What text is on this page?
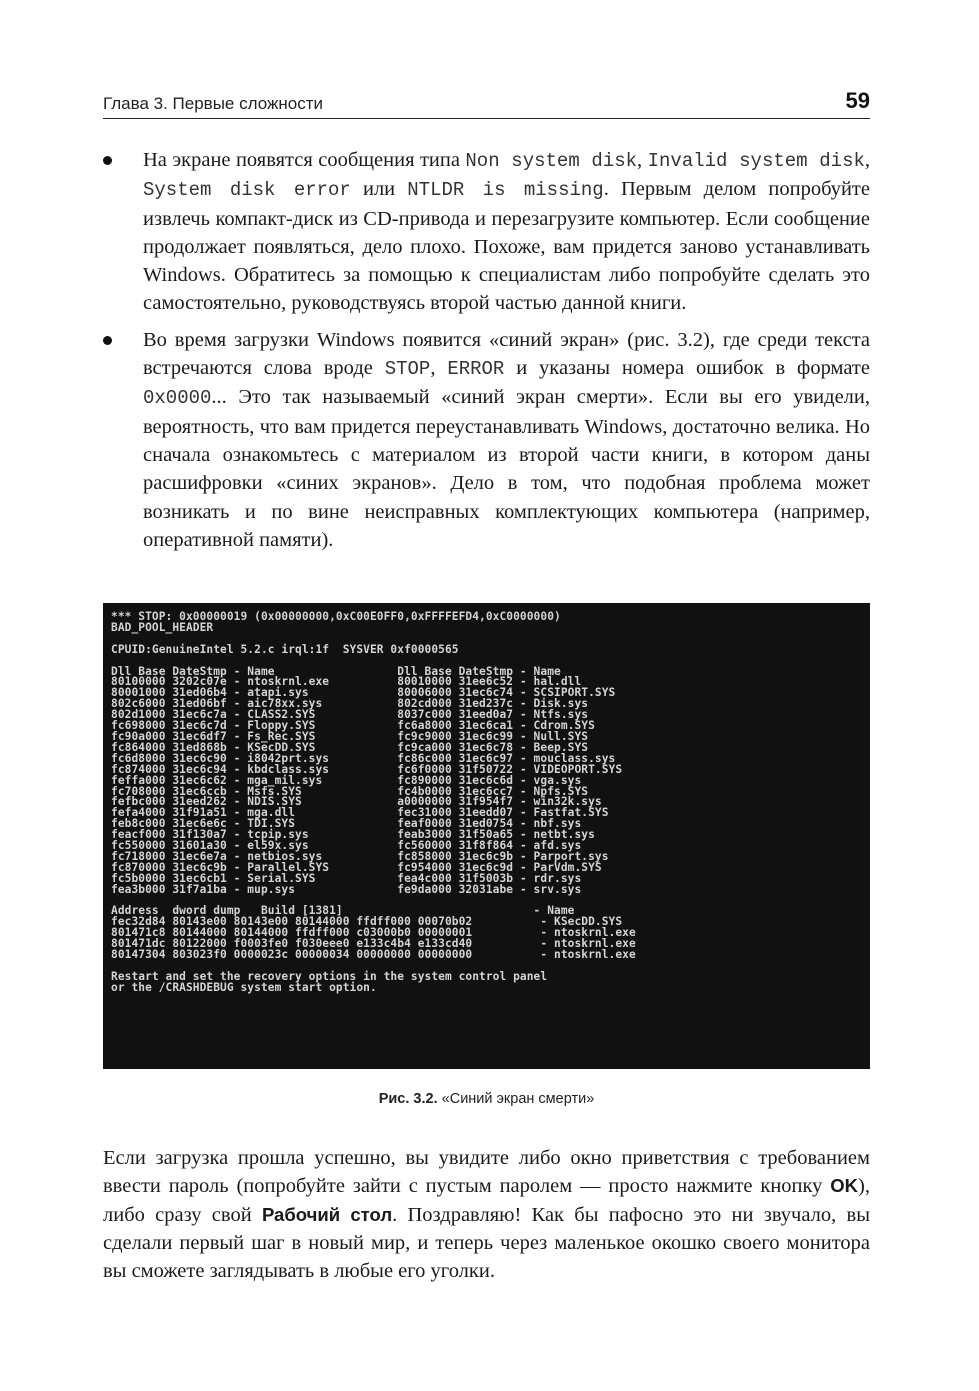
Глава 3. Первые сложности	59
На экране появятся сообщения типа Non system disk, Invalid system disk, System disk error или NTLDR is missing. Первым делом попробуйте извлечь компакт-диск из CD-привода и перезагрузите компьютер. Если сообщение продолжает появляться, дело плохо. Похоже, вам придется заново устанавливать Windows. Обратитесь за помощью к специалистам либо попробуйте сделать это самостоятельно, руководствуясь второй частью данной книги.
Во время загрузки Windows появится «синий экран» (рис. 3.2), где среди текста встречаются слова вроде STOP, ERROR и указаны номера ошибок в формате 0x0000... Это так называемый «синий экран смерти». Если вы его увидели, вероятность, что вам придется переустанавливать Windows, достаточно велика. Но сначала ознакомьтесь с материалом из второй части книги, в котором даны расшифровки «синих экранов». Дело в том, что подобная проблема может возникать и по вине неисправных комплектующих компьютера (например, оперативной памяти).
*** STOP: 0x00000019 (0x00000000,0xC00E0FF0,0xFFFFEFD4,0xC0000000)
BAD_POOL_HEADER

CPUID:GenuineIntel 5.2.c irql:1f  SYSVER 0xf0000565

Dll Base DateStmp - Name                  Dll Base DateStmp - Name
80100000 3202c07e - ntoskrnl.exe          80010000 31ee6c52 - hal.dll
80001000 31ed06b4 - atapi.sys             80006000 31ec6c74 - SCSIPORT.SYS
802c6000 31ed06bf - aic78xx.sys           802cd000 31ed237c - Disk.sys
802d1000 31ec6c7a - CLASS2.SYS            8037c000 31eed0a7 - Ntfs.sys
fc698000 31ec6c7d - Floppy.SYS            fc6a8000 31ec6ca1 - Cdrom.SYS
fc90a000 31ec6df7 - Fs_Rec.SYS            fc9c9000 31ec6c99 - Null.SYS
fc864000 31ed868b - KSecDD.SYS            fc9ca000 31ec6c78 - Beep.SYS
fc6d8000 31ec6c90 - i8042prt.sys          fc86c000 31ec6c97 - mouclass.sys
fc874000 31ec6c94 - kbdclass.sys          fc6f0000 31f50722 - VIDEOPORT.SYS
feffa000 31ec6c62 - mga_mil.sys           fc890000 31ec6c6d - vga.sys
fc708000 31ec6ccb - Msfs.SYS              fc4b0000 31ec6cc7 - Npfs.SYS
fefbc000 31eed262 - NDIS.SYS              a0000000 31f954f7 - win32k.sys
fefa4000 31f91a51 - mga.dll               fec31000 31eedd07 - Fastfat.SYS
feb8c000 31ec6e6c - TDI.SYS               feaf0000 31ed0754 - nbf.sys
feacf000 31f130a7 - tcpip.sys             feab3000 31f50a65 - netbt.sys
fc550000 31601a30 - el59x.sys             fc560000 31f8f864 - afd.sys
fc718000 31ec6e7a - netbios.sys           fc858000 31ec6c9b - Parport.sys
fc870000 31ec6c9b - Parallel.SYS          fc954000 31ec6c9d - ParVdm.SYS
fc5b0000 31ec6cb1 - Serial.SYS            fea4c000 31f5003b - rdr.sys
fea3b000 31f7a1ba - mup.sys               fe9da000 32031abe - srv.sys

Address  dword dump   Build [1381]                            - Name
fec32d84 80143e00 80143e00 80144000 ffdff000 00070b02          - KSecDD.SYS
801471c8 80144000 80144000 ffdff000 c03000b0 00000001          - ntoskrnl.exe
801471dc 80122000 f0003fe0 f030eee0 e133c4b4 e133cd40          - ntoskrnl.exe
80147304 803023f0 0000023c 00000034 00000000 00000000          - ntoskrnl.exe

Restart and set the recovery options in the system control panel
or the /CRASHDEBUG system start option.
Рис. 3.2. «Синий экран смерти»

Если загрузка прошла успешно, вы увидите либо окно приветствия с требованием ввести пароль (попробуйте зайти с пустым паролем — просто нажмите кнопку OK), либо сразу свой Рабочий стол. Поздравляю! Как бы пафосно это ни звучало, вы сделали первый шаг в новый мир, и теперь через маленькое окошко своего монитора вы сможете заглядывать в любые его уголки.
